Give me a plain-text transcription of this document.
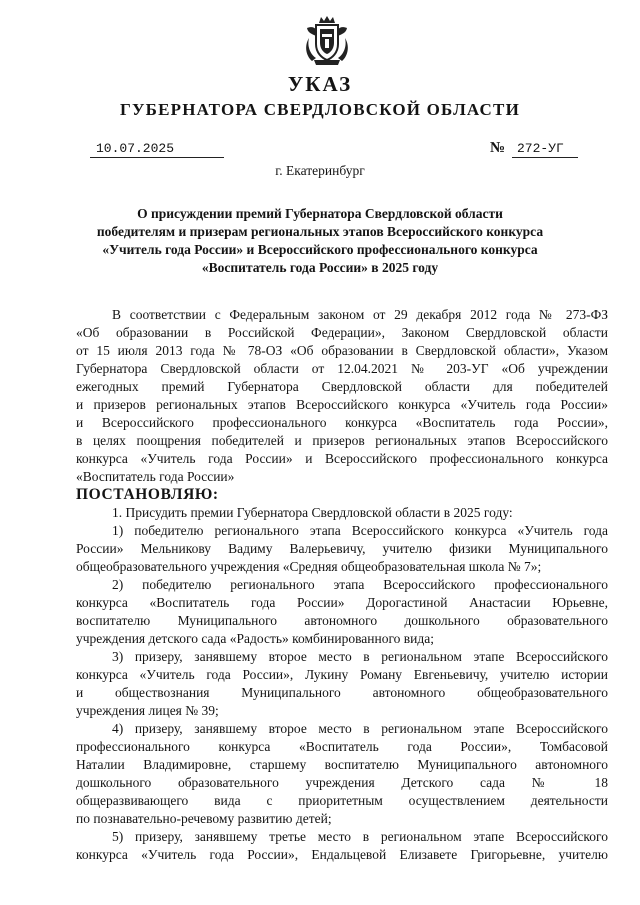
УКАЗ
ГУБЕРНАТОРА СВЕРДЛОВСКОЙ ОБЛАСТИ
10.07.2025	№ 272-УГ
г. Екатеринбург
О присуждении премий Губернатора Свердловской области
победителям и призерам региональных этапов Всероссийского конкурса
«Учитель года России» и Всероссийского профессионального конкурса
«Воспитатель года России» в 2025 году
В соответствии с Федеральным законом от 29 декабря 2012 года № 273-ФЗ
«Об образовании в Российской Федерации», Законом Свердловской области
от 15 июля 2013 года № 78-ОЗ «Об образовании в Свердловской области», Указом
Губернатора Свердловской области от 12.04.2021 № 203-УГ «Об учреждении
ежегодных премий Губернатора Свердловской области для победителей
и призеров региональных этапов Всероссийского конкурса «Учитель года России»
и Всероссийского профессионального конкурса «Воспитатель года России»,
в целях поощрения победителей и призеров региональных этапов Всероссийского
конкурса «Учитель года России» и Всероссийского профессионального конкурса
«Воспитатель года России»
ПОСТАНОВЛЯЮ:
1. Присудить премии Губернатора Свердловской области в 2025 году:
1) победителю регионального этапа Всероссийского конкурса «Учитель года
России» Мельникову Вадиму Валерьевичу, учителю физики Муниципального
общеобразовательного учреждения «Средняя общеобразовательная школа № 7»;
2) победителю регионального этапа Всероссийского профессионального
конкурса «Воспитатель года России» Дорогастиной Анастасии Юрьевне,
воспитателю Муниципального автономного дошкольного образовательного
учреждения детского сада «Радость» комбинированного вида;
3) призеру, занявшему второе место в региональном этапе Всероссийского
конкурса «Учитель года России», Лукину Роману Евгеньевичу, учителю истории
и обществознания Муниципального автономного общеобразовательного
учреждения лицея № 39;
4) призеру, занявшему второе место в региональном этапе Всероссийского
профессионального конкурса «Воспитатель года России», Томбасовой
Наталии Владимировне, старшему воспитателю Муниципального автономного
дошкольного образовательного учреждения Детского сада № 18
общеразвивающего вида с приоритетным осуществлением деятельности
по познавательно-речевому развитию детей;
5) призеру, занявшему третье место в региональном этапе Всероссийского
конкурса «Учитель года России», Ендальцевой Елизавете Григорьевне, учителю
